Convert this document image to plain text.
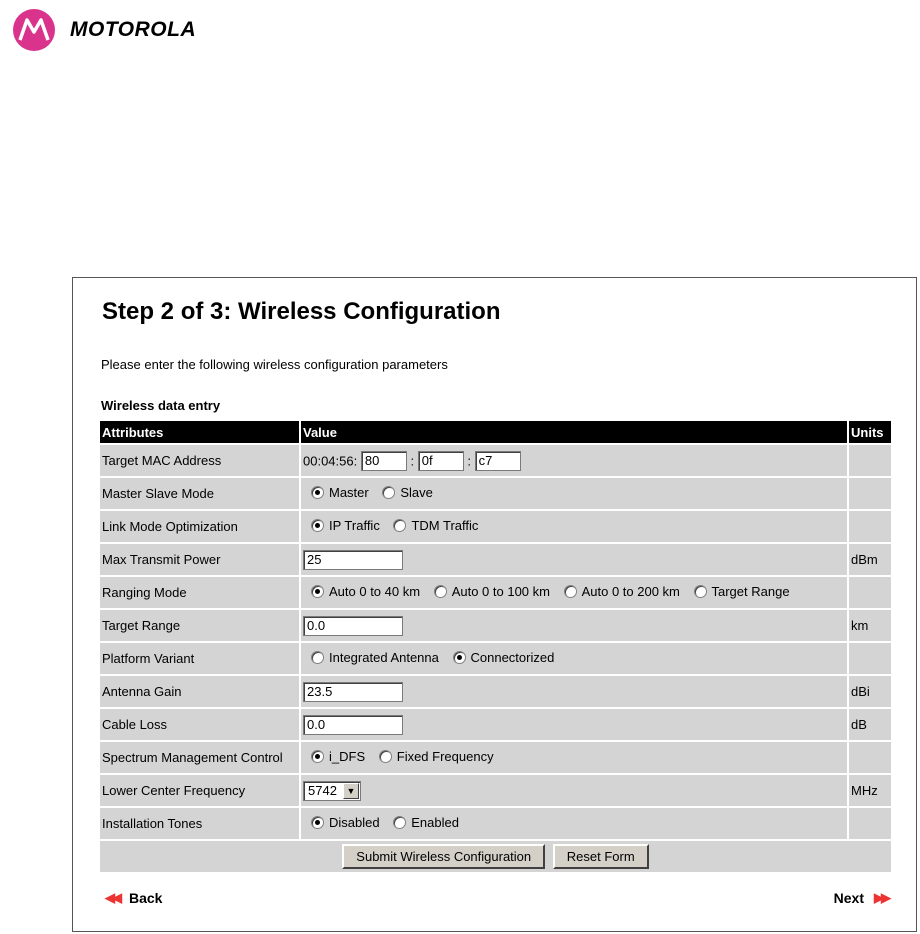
MOTOROLA
Step 2 of 3: Wireless Configuration
Please enter the following wireless configuration parameters
Wireless data entry
Attributes	Value	Units
Target MAC Address	00:04:56: 80 : 0f : c7	
Master Slave Mode	Master
Slave	

Link Mode Optimization	IP Traffic
TDM Traffic	

Max Transmit Power	25	dBm
Ranging Mode	Auto 0 to 40 km
Auto 0 to 100 km
Auto 0 to 200 km
Target Range	

Target Range	0.0	km
Platform Variant	Integrated Antenna
Connectorized	

Antenna Gain	23.5	dBi
Cable Loss	0.0	dB
Spectrum Management Control	i_DFS
Fixed Frequency	

Lower Center Frequency	5742 ▼	MHz
Installation Tones	Disabled
Enabled	

Submit Wireless Configuration Reset Form		
◀◀ Back	Next ▶▶
